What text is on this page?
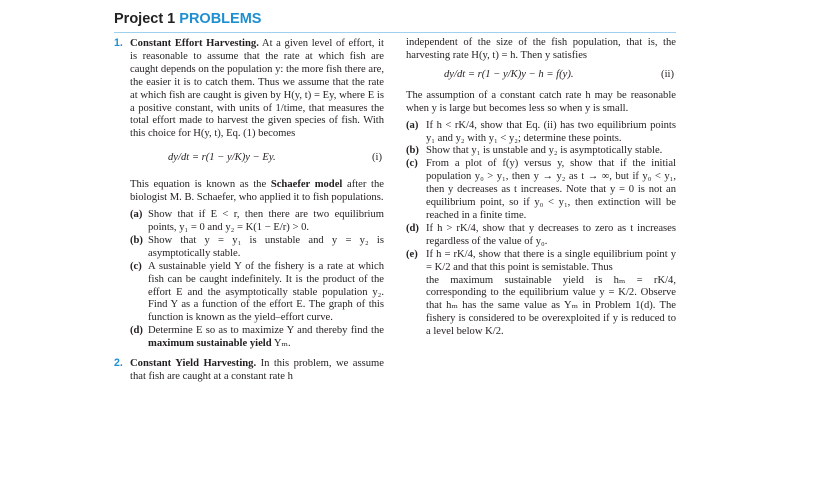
Project 1 PROBLEMS

1. Constant Effort Harvesting. At a given level of effort, it is reasonable to assume that the rate at which fish are caught depends on the population y: the more fish there are, the easier it is to catch them. Thus we assume that the rate at which fish are caught is given by H(y, t) = Ey, where E is a positive constant, with units of 1/time, that measures the total effort made to harvest the given species of fish. With this choice for H(y, t), Eq. (1) becomes

dy/dt = r(1 − y/K)y − Ey.	(i)

This equation is known as the Schaefer model after the biologist M. B. Schaefer, who applied it to fish populations.

(a) Show that if E < r, then there are two equilibrium points, y₁ = 0 and y₂ = K(1 − E/r) > 0.

(b) Show that y = y₁ is unstable and y = y₂ is asymptotically stable.

(c) A sustainable yield Y of the fishery is a rate at which fish can be caught indefinitely. It is the product of the effort E and the asymptotically stable population y₂. Find Y as a function of the effort E. The graph of this function is known as the yield–effort curve.

(d) Determine E so as to maximize Y and thereby find the maximum sustainable yield Yₘ.

2. Constant Yield Harvesting. In this problem, we assume that fish are caught at a constant rate h

independent of the size of the fish population, that is, the harvesting rate H(y, t) = h. Then y satisfies

dy/dt = r(1 − y/K)y − h = f(y).	(ii)

The assumption of a constant catch rate h may be reasonable when y is large but becomes less so when y is small.

(a) If h < rK/4, show that Eq. (ii) has two equilibrium points y₁ and y₂ with y₁ < y₂; determine these points.

(b) Show that y₁ is unstable and y₂ is asymptotically stable.

(c) From a plot of f(y) versus y, show that if the initial population y₀ > y₁, then y → y₂ as t → ∞, but if y₀ < y₁, then y decreases as t increases. Note that y = 0 is not an equilibrium point, so if y₀ < y₁, then extinction will be reached in a finite time.

(d) If h > rK/4, show that y decreases to zero as t increases regardless of the value of y₀.

(e) If h = rK/4, show that there is a single equilibrium point y = K/2 and that this point is semistable. Thus

the maximum sustainable yield is hₘ = rK/4, corresponding to the equilibrium value y = K/2. Observe that hₘ has the same value as Yₘ in Problem 1(d). The fishery is considered to be overexploited if y is reduced to a level below K/2.
